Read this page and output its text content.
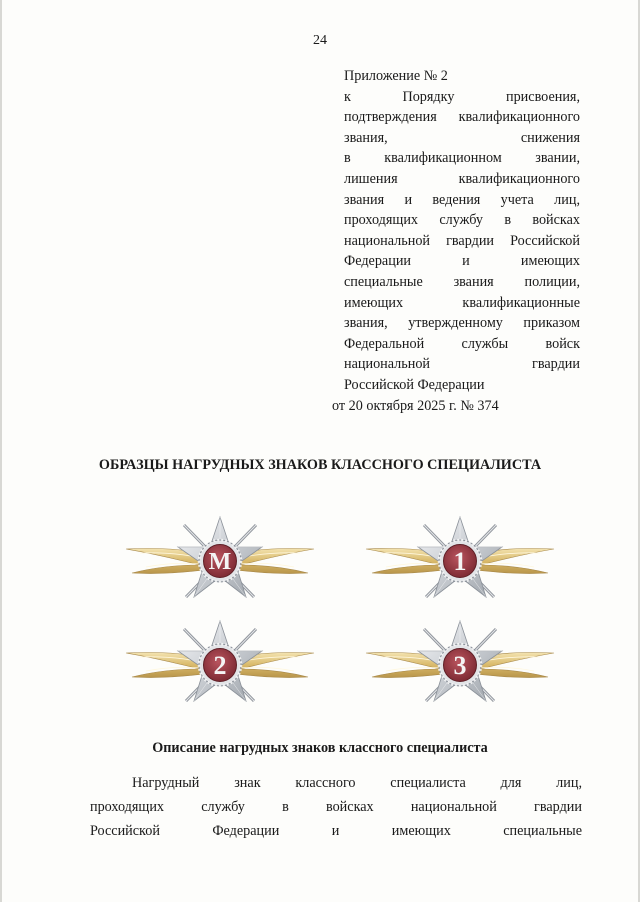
24
Приложение № 2
к Порядку присвоения,
подтверждения квалификационного
звания, снижения
в квалификационном звании,
лишения квалификационного
звания и ведения учета лиц,
проходящих службу в войсках
национальной гвардии Российской
Федерации и имеющих
специальные звания полиции,
имеющих квалификационные
звания, утвержденному приказом
Федеральной службы войск
национальной гвардии
Российской Федерации
от 20 октября 2025 г. № 374
ОБРАЗЦЫ НАГРУДНЫХ ЗНАКОВ КЛАССНОГО СПЕЦИАЛИСТА
М	1
2	3
Описание нагрудных знаков классного специалиста
Нагрудный знак классного специалиста для лиц,
проходящих службу в войсках национальной гвардии
Российской Федерации и имеющих специальные
